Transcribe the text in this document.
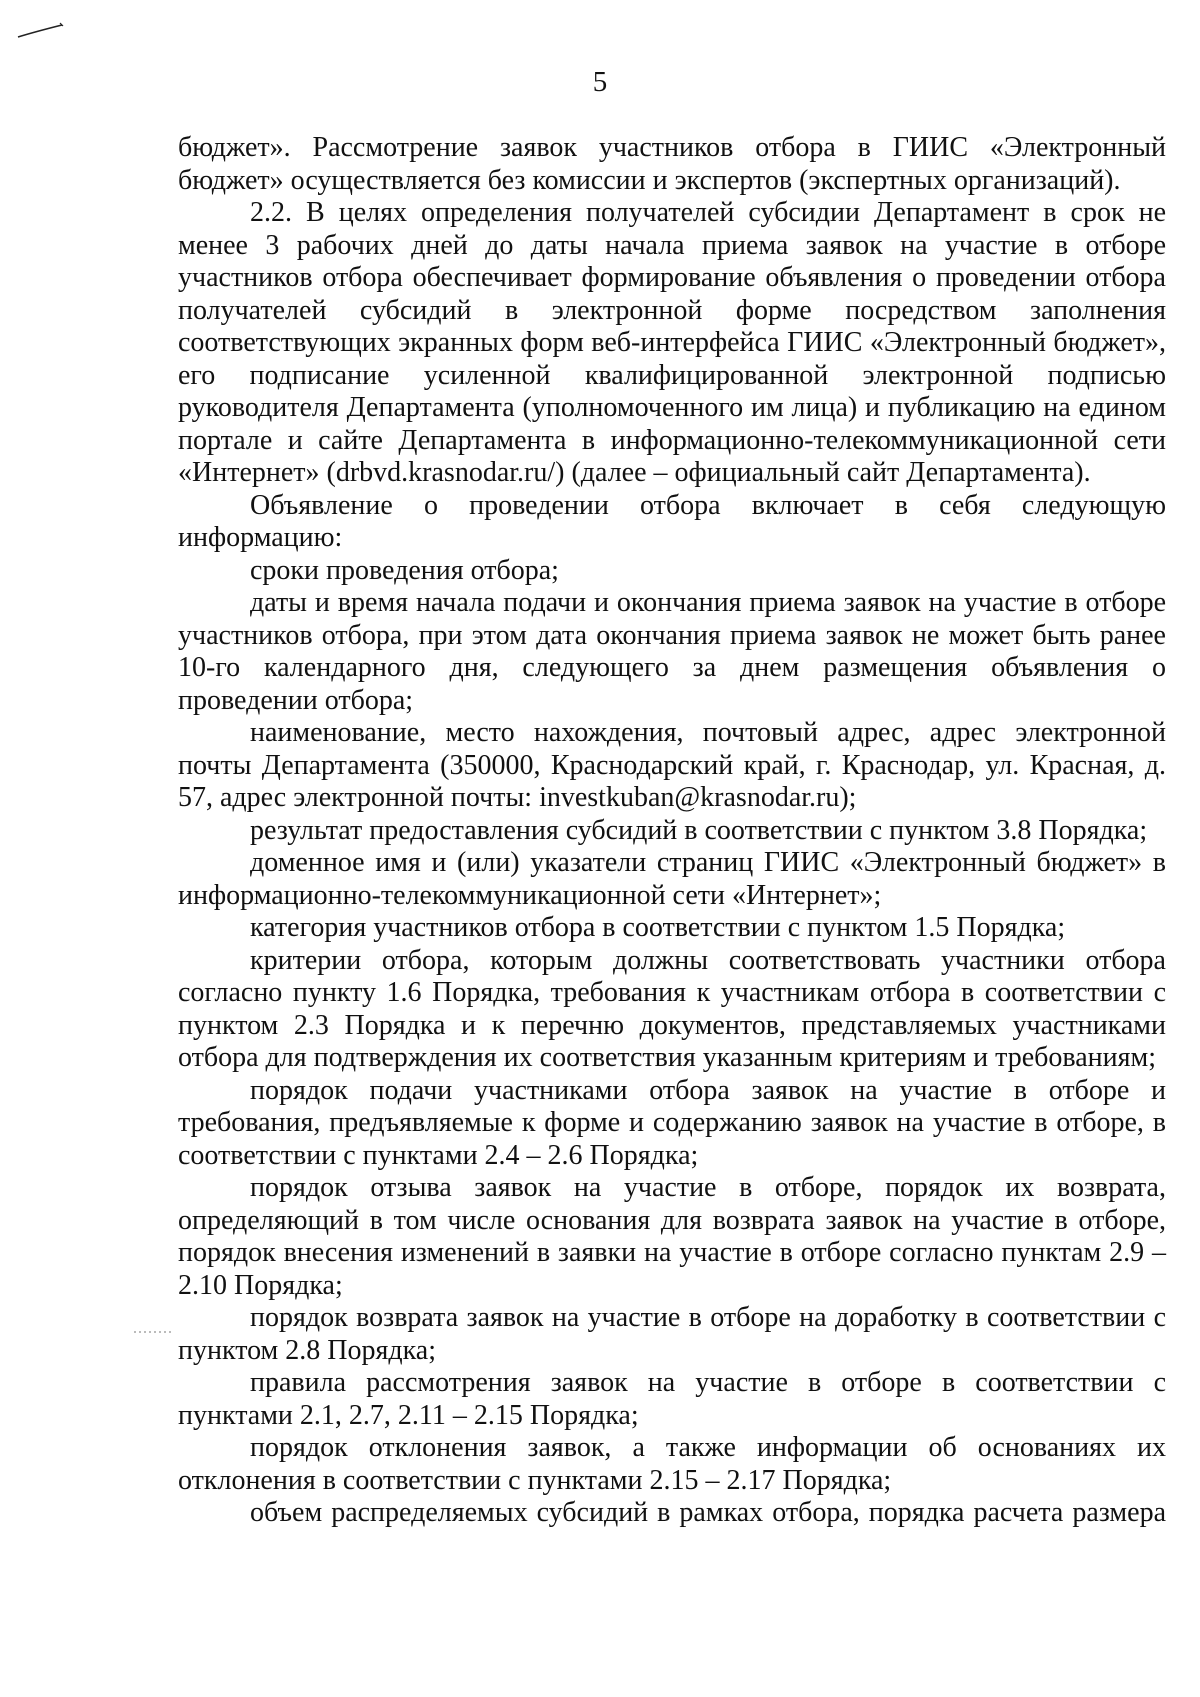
5

бюджет». Рассмотрение заявок участников отбора в ГИИС «Электронный бюджет» осуществляется без комиссии и экспертов (экспертных организаций).

2.2. В целях определения получателей субсидии Департамент в срок не менее 3 рабочих дней до даты начала приема заявок на участие в отборе участников отбора обеспечивает формирование объявления о проведении отбора получателей субсидий в электронной форме посредством заполнения соответствующих экранных форм веб-интерфейса ГИИС «Электронный бюджет», его подписание усиленной квалифицированной электронной подписью руководителя Департамента (уполномоченного им лица) и публикацию на едином портале и сайте Департамента в информационно-телекоммуникационной сети «Интернет» (drbvd.krasnodar.ru/) (далее – официальный сайт Департамента).

Объявление о проведении отбора включает в себя следующую информацию:

сроки проведения отбора;

даты и время начала подачи и окончания приема заявок на участие в отборе участников отбора, при этом дата окончания приема заявок не может быть ранее 10-го календарного дня, следующего за днем размещения объявления о проведении отбора;

наименование, место нахождения, почтовый адрес, адрес электронной почты Департамента (350000, Краснодарский край, г. Краснодар, ул. Красная, д. 57, адрес электронной почты: investkuban@krasnodar.ru);

результат предоставления субсидий в соответствии с пунктом 3.8 Порядка;

доменное имя и (или) указатели страниц ГИИС «Электронный бюджет» в информационно-телекоммуникационной сети «Интернет»;

категория участников отбора в соответствии с пунктом 1.5 Порядка;

критерии отбора, которым должны соответствовать участники отбора согласно пункту 1.6 Порядка, требования к участникам отбора в соответствии с пунктом 2.3 Порядка и к перечню документов, представляемых участниками отбора для подтверждения их соответствия указанным критериям и требованиям;

порядок подачи участниками отбора заявок на участие в отборе и требования, предъявляемые к форме и содержанию заявок на участие в отборе, в соответствии с пунктами 2.4 – 2.6 Порядка;

порядок отзыва заявок на участие в отборе, порядок их возврата, определяющий в том числе основания для возврата заявок на участие в отборе, порядок внесения изменений в заявки на участие в отборе согласно пунктам 2.9 – 2.10 Порядка;

порядок возврата заявок на участие в отборе на доработку в соответствии с пунктом 2.8 Порядка;

правила рассмотрения заявок на участие в отборе в соответствии с пунктами 2.1, 2.7, 2.11 – 2.15 Порядка;

порядок отклонения заявок, а также информации об основаниях их отклонения в соответствии с пунктами 2.15 – 2.17 Порядка;

объем распределяемых субсидий в рамках отбора, порядка расчета размера
